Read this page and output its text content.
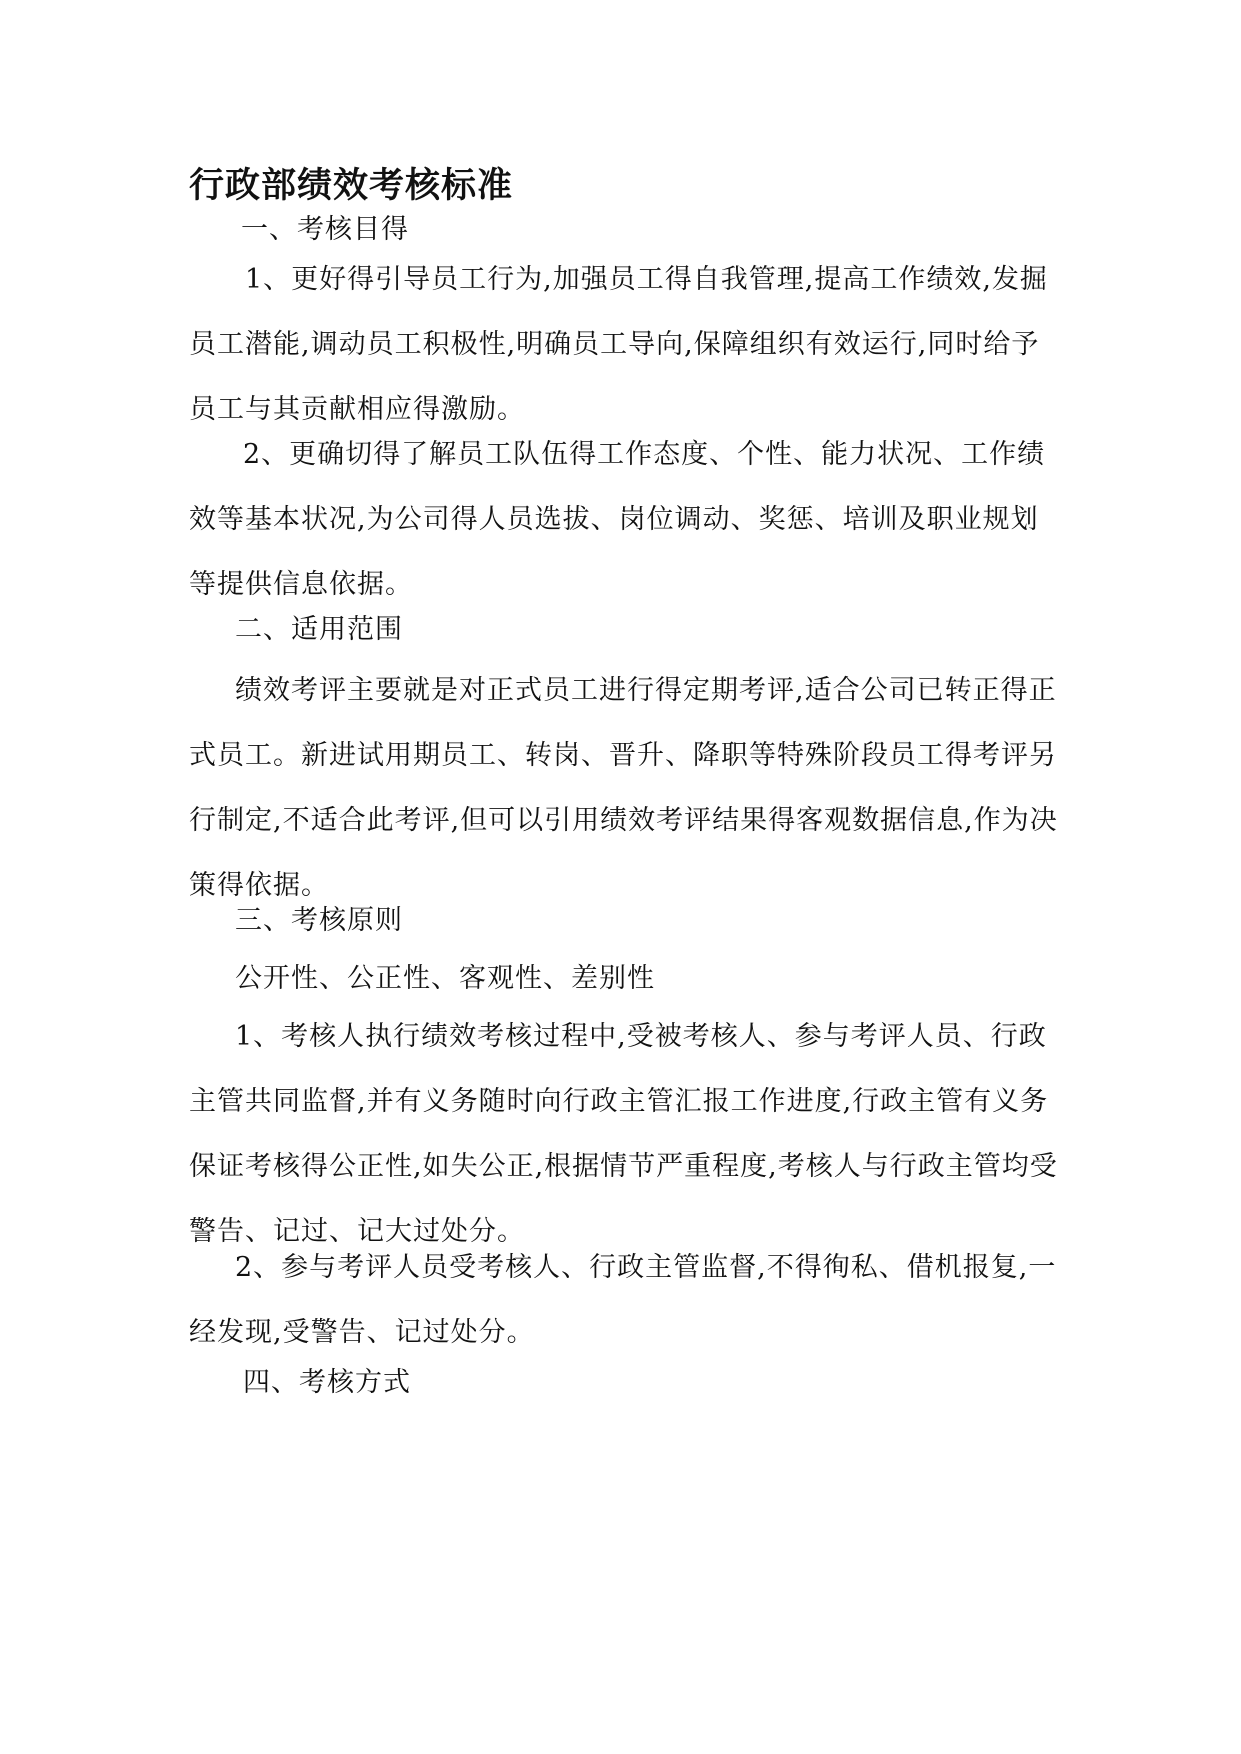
行政部绩效考核标准

一、考核目得

1、更好得引导员工行为,加强员工得自我管理,提高工作绩效,发掘员工潜能,调动员工积极性,明确员工导向,保障组织有效运行,同时给予员工与其贡献相应得激励。

2、更确切得了解员工队伍得工作态度、个性、能力状况、工作绩效等基本状况,为公司得人员选拔、岗位调动、奖惩、培训及职业规划等提供信息依据。

二、适用范围

绩效考评主要就是对正式员工进行得定期考评,适合公司已转正得正式员工。新进试用期员工、转岗、晋升、降职等特殊阶段员工得考评另行制定,不适合此考评,但可以引用绩效考评结果得客观数据信息,作为决策得依据。

三、考核原则

公开性、公正性、客观性、差别性

1、考核人执行绩效考核过程中,受被考核人、参与考评人员、行政主管共同监督,并有义务随时向行政主管汇报工作进度,行政主管有义务保证考核得公正性,如失公正,根据情节严重程度,考核人与行政主管均受警告、记过、记大过处分。

2、参与考评人员受考核人、行政主管监督,不得徇私、借机报复,一经发现,受警告、记过处分。

四、考核方式
